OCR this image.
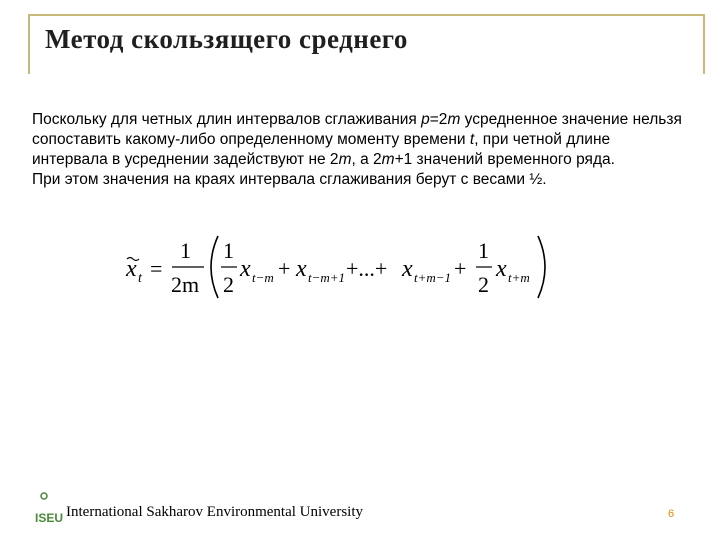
Метод скользящего среднего

Поскольку для четных длин интервалов сглаживания p=2m усредненное значение нельзя сопоставить какому-либо определенному моменту времени t, при четной длине интервала в усреднении задействуют не 2m, а 2m+1 значений временного ряда.

При этом значения на краях интервала сглаживания берут с весами ½.

x t =
1
2m
1
2
x t−m + x t−m+1 +...+ x t+m−1 +
1
2
x t+m
ISEU International Sakharov Environmental University	6
